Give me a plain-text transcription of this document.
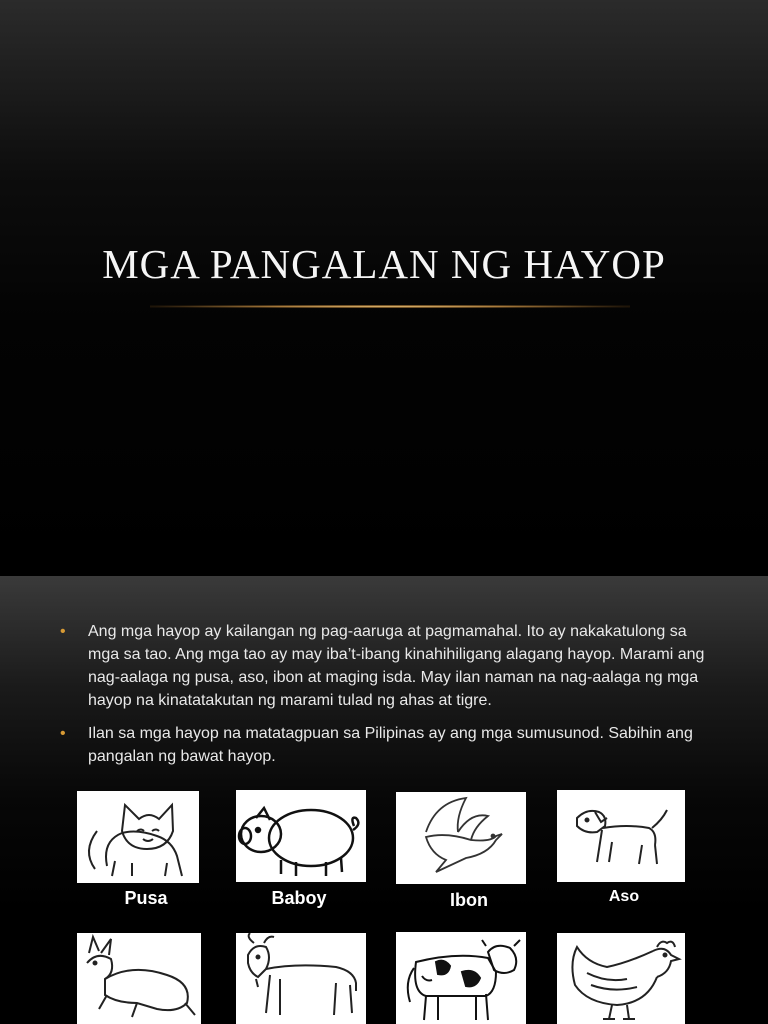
MGA PANGALAN NG HAYOP
• Ang mga hayop ay kailangan ng pag-aaruga at pagmamahal. Ito ay nakakatulong sa mga sa tao. Ang mga tao ay may iba’t-ibang kinahihiligang alagang hayop. Marami ang nag-aalaga ng pusa, aso, ibon at maging isda. May ilan naman na nag-aalaga ng mga hayop na kinatatakutan ng marami tulad ng ahas at tigre.
• Ilan sa mga hayop na matatagpuan sa Pilipinas ay ang mga sumusunod. Sabihin ang pangalan ng bawat hayop.
Pusa	Baboy	Ibon	Aso
